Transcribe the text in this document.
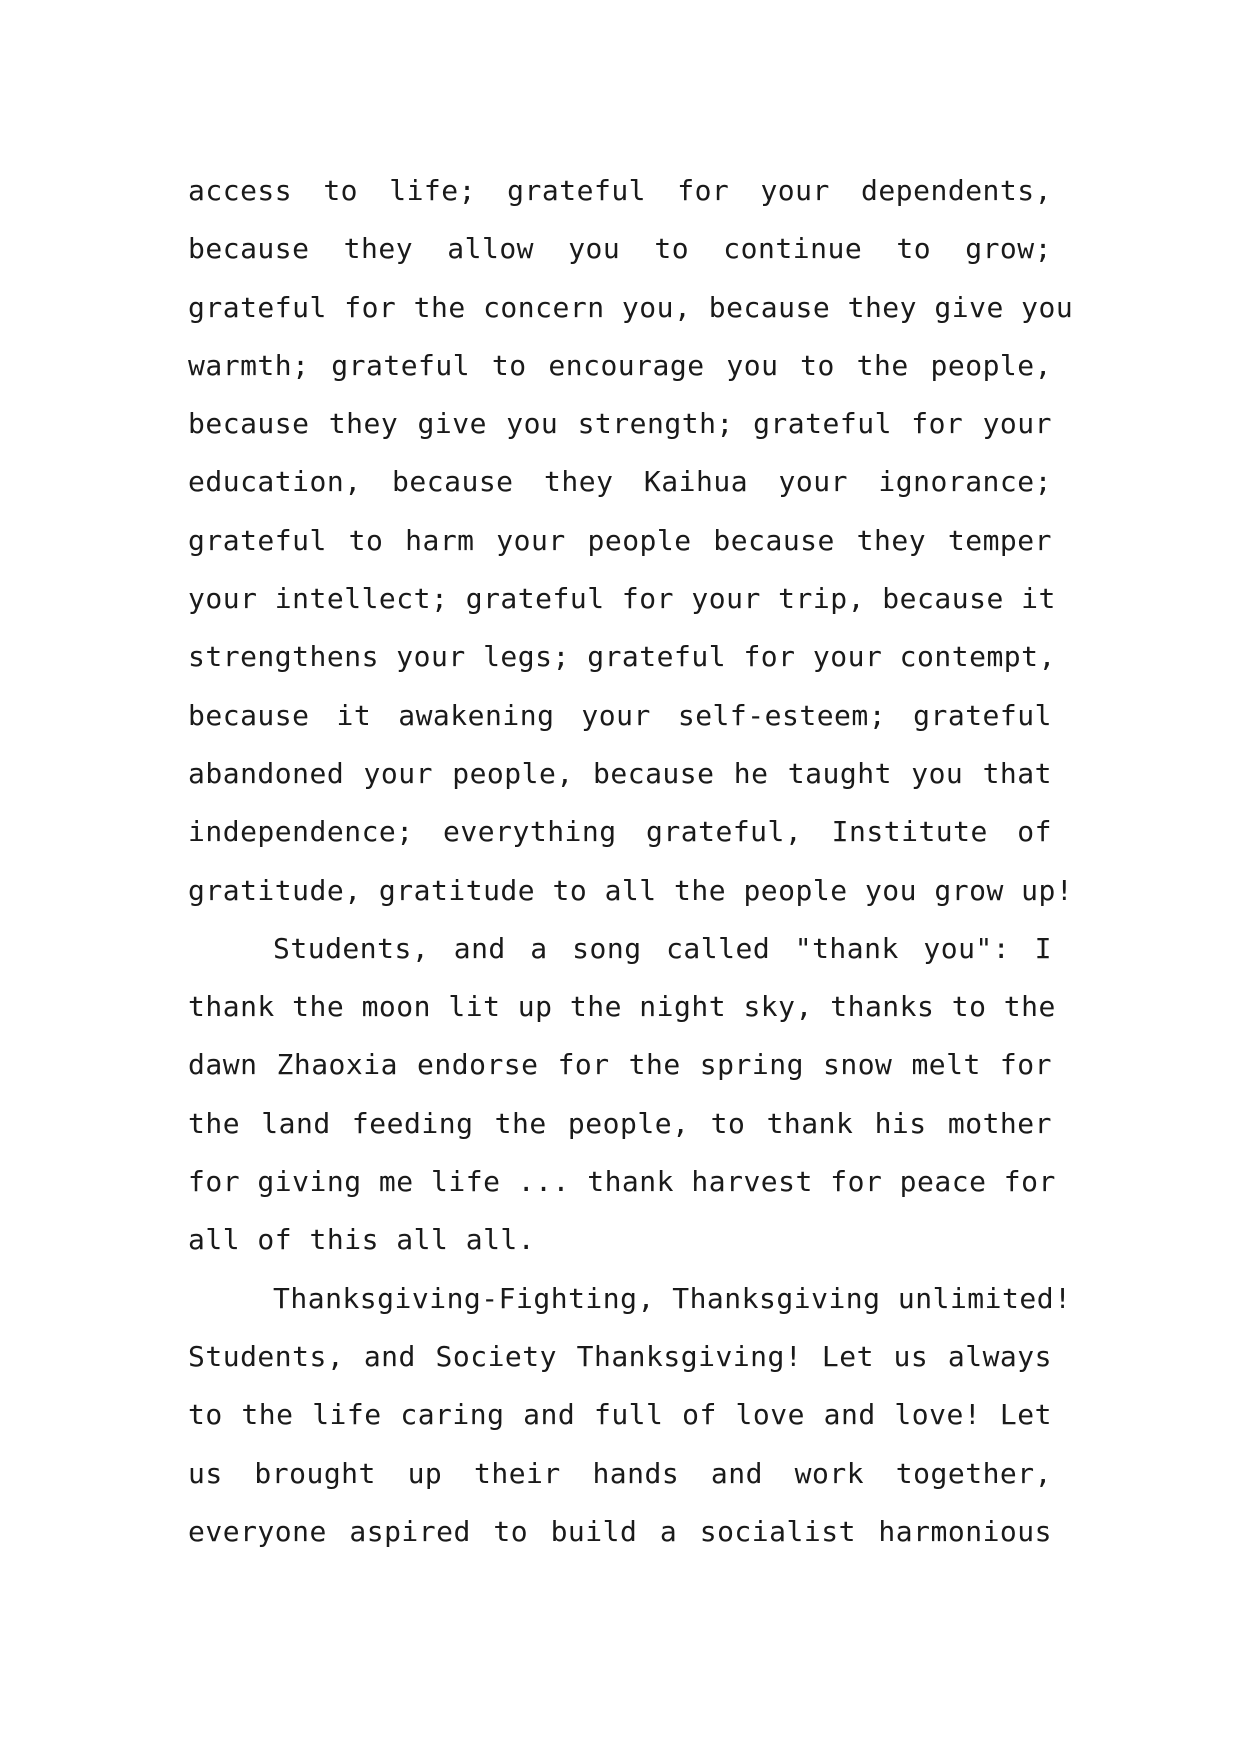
access to life; grateful for your dependents,
because they allow you to continue to grow;
grateful for the concern you, because they give you
warmth; grateful to encourage you to the people,
because they give you strength; grateful for your
education, because they Kaihua your ignorance;
grateful to harm your people because they temper
your intellect; grateful for your trip, because it
strengthens your legs; grateful for your contempt,
because it awakening your self-esteem; grateful
abandoned your people, because he taught you that
independence; everything grateful, Institute of
gratitude, gratitude to all the people you grow up!
Students, and a song called "thank you": I
thank the moon lit up the night sky, thanks to the
dawn Zhaoxia endorse for the spring snow melt for
the land feeding the people, to thank his mother
for giving me life ... thank harvest for peace for
all of this all all.
Thanksgiving-Fighting, Thanksgiving unlimited!
Students, and Society Thanksgiving! Let us always
to the life caring and full of love and love! Let
us brought up their hands and work together,
everyone aspired to build a socialist harmonious
